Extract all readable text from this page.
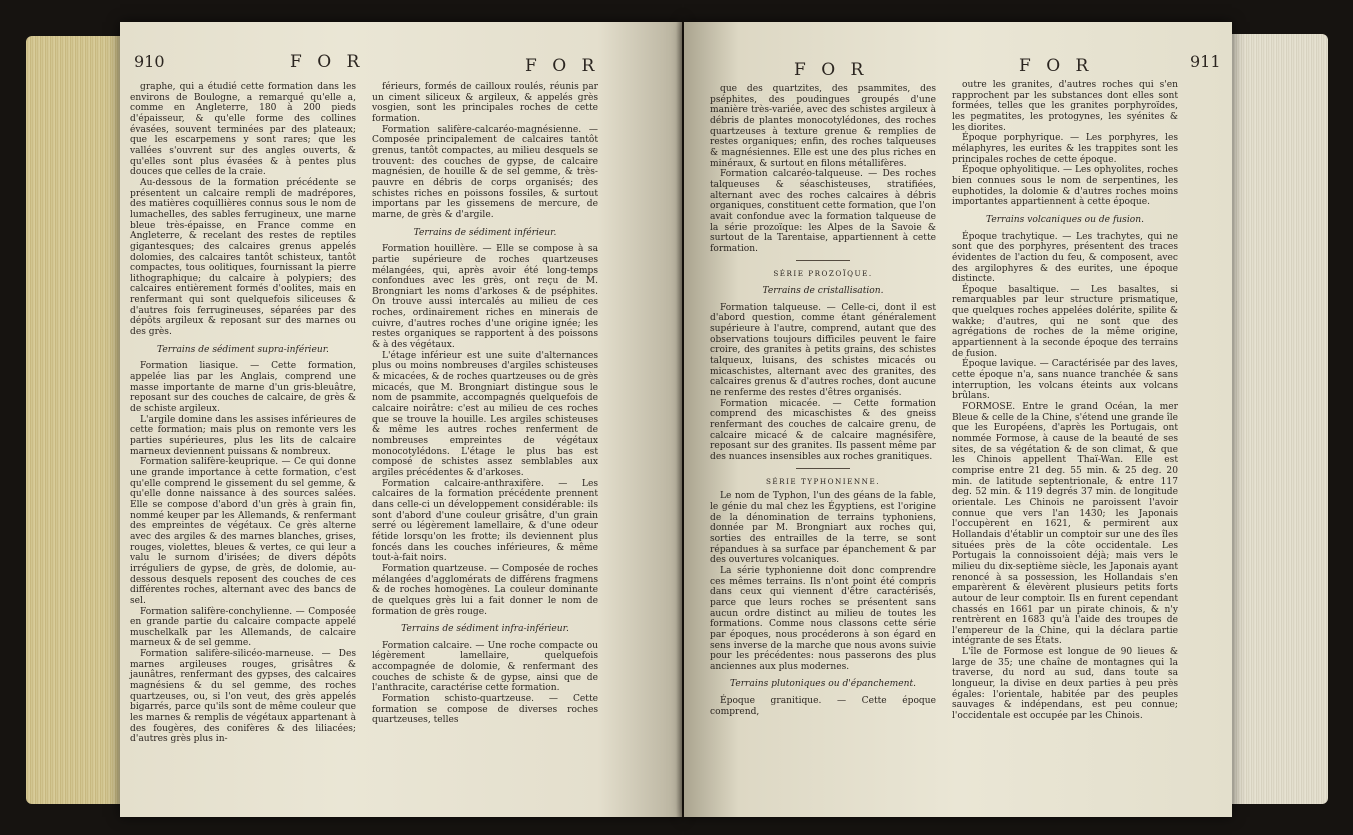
910	F O R	F O R

graphe, qui a étudié cette formation dans les environs de Boulogne, a remarqué qu'elle a, comme en Angleterre, 180 à 200 pieds d'épaisseur, & qu'elle forme des collines évasées, souvent terminées par des plateaux; que les escarpemens y sont rares; que les vallées s'ouvrent sur des angles ouverts, & qu'elles sont plus évasées & à pentes plus douces que celles de la craie.

Au-dessous de la formation précédente se présentent un calcaire rempli de madrépores, des matières coquillières connus sous le nom de lumachelles, des sables ferrugineux, une marne bleue très-épaisse, en France comme en Angleterre, & recelant des restes de reptiles gigantesques; des calcaires grenus appelés dolomies, des calcaires tantôt schisteux, tantôt compactes, tous oolitiques, fournissant la pierre lithographique; du calcaire à polypiers; des calcaires entièrement formés d'oolites, mais en renfermant qui sont quelquefois siliceuses & d'autres fois ferrugineuses, séparées par des dépôts argileux & reposant sur des marnes ou des grès.

Terrains de sédiment supra-inférieur.

Formation liasique. — Cette formation, appelée lias par les Anglais, comprend une masse importante de marne d'un gris-bleuâtre, reposant sur des couches de calcaire, de grès & de schiste argileux.

L'argile domine dans les assises inférieures de cette formation; mais plus on remonte vers les parties supérieures, plus les lits de calcaire marneux deviennent puissans & nombreux.

Formation salifère-keuprique. — Ce qui donne une grande importance à cette formation, c'est qu'elle comprend le gissement du sel gemme, & qu'elle donne naissance à des sources salées. Elle se compose d'abord d'un grès à grain fin, nommé keuper par les Allemands, & renfermant des empreintes de végétaux. Ce grès alterne avec des argiles & des marnes blanches, grises, rouges, violettes, bleues & vertes, ce qui leur a valu le surnom d'irisées; de divers dépôts irréguliers de gypse, de grès, de dolomie, au-dessous desquels reposent des couches de ces différentes roches, alternant avec des bancs de sel.

Formation salifère-conchylienne. — Composée en grande partie du calcaire compacte appelé muschelkalk par les Allemands, de calcaire marneux & de sel gemme.

Formation salifère-silicéo-marneuse. — Des marnes argileuses rouges, grisâtres & jaunâtres, renfermant des gypses, des calcaires magnésiens & du sel gemme, des roches quartzeuses, ou, si l'on veut, des grès appelés bigarrés, parce qu'ils sont de même couleur que les marnes & remplis de végétaux appartenant à des fougères, des conifères & des liliacées; d'autres grès plus in-

férieurs, formés de cailloux roulés, réunis par un ciment siliceux & argileux, & appelés grès vosgien, sont les principales roches de cette formation.

Formation salifère-calcaréo-magnésienne. — Composée principalement de calcaires tantôt grenus, tantôt compactes, au milieu desquels se trouvent: des couches de gypse, de calcaire magnésien, de houille & de sel gemme, & très-pauvre en débris de corps organisés; des schistes riches en poissons fossiles, & surtout importans par les gissemens de mercure, de marne, de grès & d'argile.

Terrains de sédiment inférieur.

Formation houillère. — Elle se compose à sa partie supérieure de roches quartzeuses mélangées, qui, après avoir été long-temps confondues avec les grès, ont reçu de M. Brongniart les noms d'arkoses & de pséphites. On trouve aussi intercalés au milieu de ces roches, ordinairement riches en minerais de cuivre, d'autres roches d'une origine ignée; les restes organiques se rapportent à des poissons & à des végétaux.

L'étage inférieur est une suite d'alternances plus ou moins nombreuses d'argiles schisteuses & micacées, & de roches quartzeuses ou de grès micacés, que M. Brongniart distingue sous le nom de psammite, accompagnés quelquefois de calcaire noirâtre: c'est au milieu de ces roches que se trouve la houille. Les argiles schisteuses & même les autres roches renferment de nombreuses empreintes de végétaux monocotylédons. L'étage le plus bas est composé de schistes assez semblables aux argiles précédentes & d'arkoses.

Formation calcaire-anthraxifère. — Les calcaires de la formation précédente prennent dans celle-ci un développement considérable: ils sont d'abord d'une couleur grisâtre, d'un grain serré ou légèrement lamellaire, & d'une odeur fétide lorsqu'on les frotte; ils deviennent plus foncés dans les couches inférieures, & même tout-à-fait noirs.

Formation quartzeuse. — Composée de roches mélangées d'agglomérats de différens fragmens & de roches homogènes. La couleur dominante de quelques grès lui a fait donner le nom de formation de grès rouge.

Terrains de sédiment infra-inférieur.

Formation calcaire. — Une roche compacte ou légèrement lamellaire, quelquefois accompagnée de dolomie, & renfermant des couches de schiste & de gypse, ainsi que de l'anthracite, caractérise cette formation.

Formation schisto-quartzeuse. — Cette formation se compose de diverses roches quartzeuses, telles

F O R	F O R	911

que des quartzites, des psammites, des pséphites, des poudingues groupés d'une manière très-variée, avec des schistes argileux à débris de plantes monocotylédones, des roches quartzeuses à texture grenue & remplies de restes organiques; enfin, des roches talqueuses & magnésiennes. Elle est une des plus riches en minéraux, & surtout en filons métallifères.

Formation calcaréo-talqueuse. — Des roches talqueuses & séaschisteuses, stratifiées, alternant avec des roches calcaires à débris organiques, constituent cette formation, que l'on avait confondue avec la formation talqueuse de la série prozoïque: les Alpes de la Savoie & surtout de la Tarentaise, appartiennent à cette formation.

SÉRIE PROZOÏQUE.

Terrains de cristallisation.

Formation talqueuse. — Celle-ci, dont il est d'abord question, comme étant généralement supérieure à l'autre, comprend, autant que des observations toujours difficiles peuvent le faire croire, des granites à petits grains, des schistes talqueux, luisans, des schistes micacés ou micaschistes, alternant avec des granites, des calcaires grenus & d'autres roches, dont aucune ne renferme des restes d'êtres organisés.

Formation micacée. — Cette formation comprend des micaschistes & des gneiss renfermant des couches de calcaire grenu, de calcaire micacé & de calcaire magnésifère, reposant sur des granites. Ils passent même par des nuances insensibles aux roches granitiques.

SÉRIE TYPHONIENNE.

Le nom de Typhon, l'un des géans de la fable, le génie du mal chez les Égyptiens, est l'origine de la dénomination de terrains typhoniens, donnée par M. Brongniart aux roches qui, sorties des entrailles de la terre, se sont répandues à sa surface par épanchement & par des ouvertures volcaniques.

La série typhonienne doit donc comprendre ces mêmes terrains. Ils n'ont point été compris dans ceux qui viennent d'être caractérisés, parce que leurs roches se présentent sans aucun ordre distinct au milieu de toutes les formations. Comme nous classons cette série par époques, nous procéderons à son égard en sens inverse de la marche que nous avons suivie pour les précédentes: nous passerons des plus anciennes aux plus modernes.

Terrains plutoniques ou d'épanchement.

Époque granitique. — Cette époque comprend,

outre les granites, d'autres roches qui s'en rapprochent par les substances dont elles sont formées, telles que les granites porphyroïdes, les pegmatites, les protogynes, les syénites & les diorites.

Époque porphyrique. — Les porphyres, les mélaphyres, les eurites & les trappites sont les principales roches de cette époque.

Époque ophyolitique. — Les ophyolites, roches bien connues sous le nom de serpentines, les euphotides, la dolomie & d'autres roches moins importantes appartiennent à cette époque.

Terrains volcaniques ou de fusion.

Époque trachytique. — Les trachytes, qui ne sont que des porphyres, présentent des traces évidentes de l'action du feu, & composent, avec des argilophyres & des eurites, une époque distincte.

Époque basaltique. — Les basaltes, si remarquables par leur structure prismatique, que quelques roches appelées dolérite, spilite & wakke; d'autres, qui ne sont que des agrégations de roches de la même origine, appartiennent à la seconde époque des terrains de fusion.

Époque lavique. — Caractérisée par des laves, cette époque n'a, sans nuance tranchée & sans interruption, les volcans éteints aux volcans brûlans.

FORMOSE. Entre le grand Océan, la mer Bleue & celle de la Chine, s'étend une grande île que les Européens, d'après les Portugais, ont nommée Formose, à cause de la beauté de ses sites, de sa végétation & de son climat, & que les Chinois appellent Thaï-Wan. Elle est comprise entre 21 deg. 55 min. & 25 deg. 20 min. de latitude septentrionale, & entre 117 deg. 52 min. & 119 degrés 37 min. de longitude orientale. Les Chinois ne paroissent l'avoir connue que vers l'an 1430; les Japonais l'occupèrent en 1621, & permirent aux Hollandais d'établir un comptoir sur une des îles situées près de la côte occidentale. Les Portugais la connoissoient déjà; mais vers le milieu du dix-septième siècle, les Japonais ayant renoncé à sa possession, les Hollandais s'en emparèrent & élevèrent plusieurs petits forts autour de leur comptoir. Ils en furent cependant chassés en 1661 par un pirate chinois, & n'y rentrèrent en 1683 qu'à l'aide des troupes de l'empereur de la Chine, qui la déclara partie intégrante de ses États.

L'île de Formose est longue de 90 lieues & large de 35; une chaîne de montagnes qui la traverse, du nord au sud, dans toute sa longueur, la divise en deux parties à peu près égales: l'orientale, habitée par des peuples sauvages & indépendans, est peu connue; l'occidentale est occupée par les Chinois.
